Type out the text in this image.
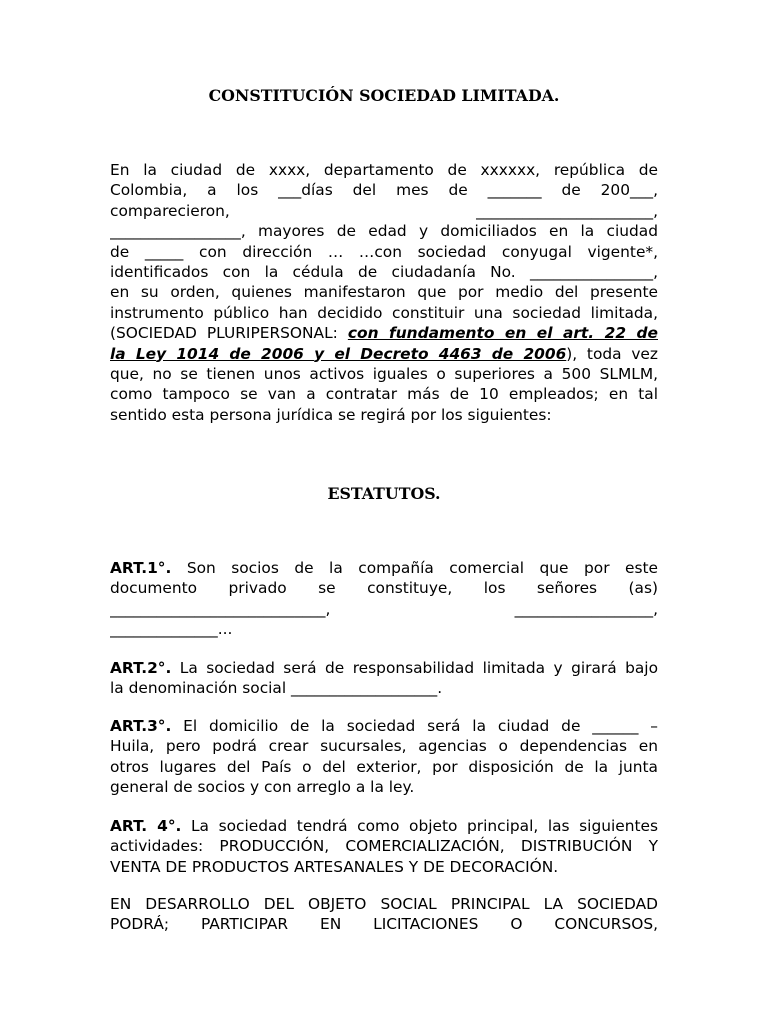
CONSTITUCIÓN SOCIEDAD LIMITADA.
En la ciudad de xxxx, departamento de xxxxxx, república de
Colombia, a los ___días del mes de _______ de 200___,
comparecieron,	_______________________,
_________________, mayores de edad y domiciliados en la ciudad
de _____ con dirección … …con sociedad conyugal vigente*,
identificados con la cédula de ciudadanía No. ________________,
en su orden, quienes manifestaron que por medio del presente
instrumento público han decidido constituir una sociedad limitada,
(SOCIEDAD PLURIPERSONAL: con fundamento en el art. 22 de
la Ley 1014 de 2006 y el Decreto 4463 de 2006), toda vez
que, no se tienen unos activos iguales o superiores a 500 SLMLM,
como tampoco se van a contratar más de 10 empleados; en tal
sentido esta persona jurídica se regirá por los siguientes:
ESTATUTOS.
ART.1°. Son socios de la compañía comercial que por este
documento privado se constituye, los señores (as)
____________________________,	__________________,
______________...
ART.2°. La sociedad será de responsabilidad limitada y girará bajo
la denominación social ___________________.
ART.3°. El domicilio de la sociedad será la ciudad de ______ –
Huila, pero podrá crear sucursales, agencias o dependencias en
otros lugares del País o del exterior, por disposición de la junta
general de socios y con arreglo a la ley.
ART. 4°. La sociedad tendrá como objeto principal, las siguientes
actividades: PRODUCCIÓN, COMERCIALIZACIÓN, DISTRIBUCIÓN Y
VENTA DE PRODUCTOS ARTESANALES Y DE DECORACIÓN.
EN DESARROLLO DEL OBJETO SOCIAL PRINCIPAL LA SOCIEDAD
PODRÁ; PARTICIPAR EN LICITACIONES O CONCURSOS,
